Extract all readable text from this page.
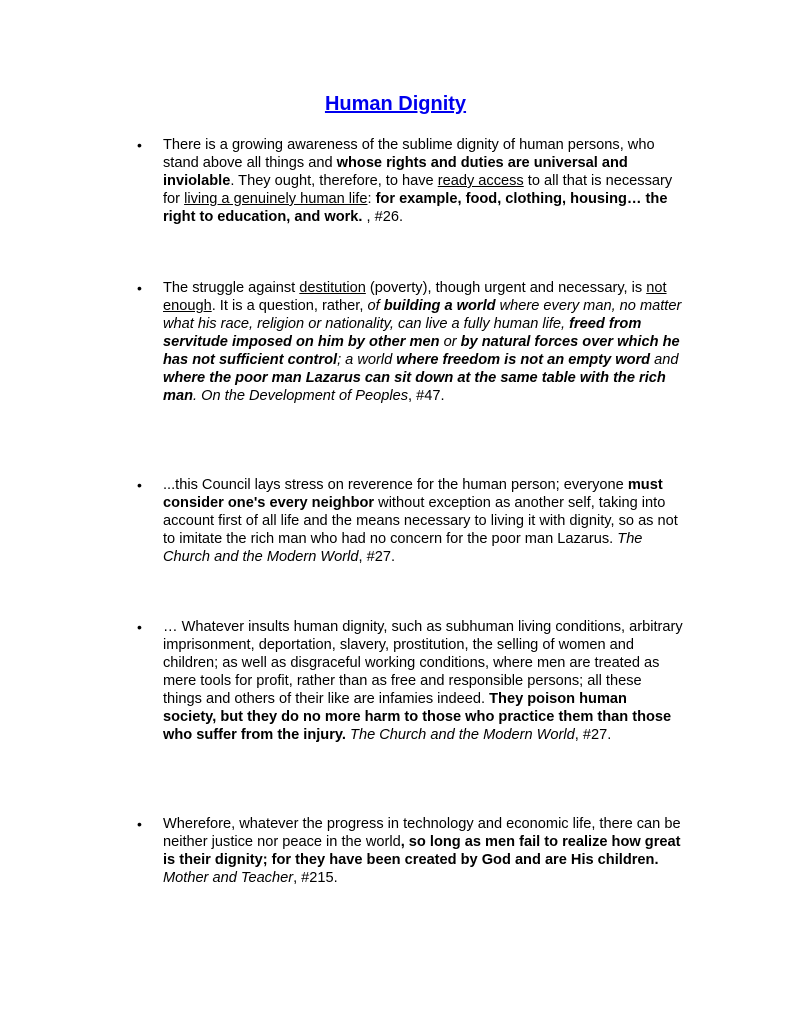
Human Dignity
• There is a growing awareness of the sublime dignity of human persons, who stand above all things and whose rights and duties are universal and inviolable. They ought, therefore, to have ready access to all that is necessary for living a genuinely human life: for example, food, clothing, housing… the right to education, and work. , #26.
• The struggle against destitution (poverty), though urgent and necessary, is not enough. It is a question, rather, of building a world where every man, no matter what his race, religion or nationality, can live a fully human life, freed from servitude imposed on him by other men or by natural forces over which he has not sufficient control; a world where freedom is not an empty word and where the poor man Lazarus can sit down at the same table with the rich man. On the Development of Peoples, #47.
• ...this Council lays stress on reverence for the human person; everyone must consider one's every neighbor without exception as another self, taking into account first of all life and the means necessary to living it with dignity, so as not to imitate the rich man who had no concern for the poor man Lazarus. The Church and the Modern World, #27.
• … Whatever insults human dignity, such as subhuman living conditions, arbitrary imprisonment, deportation, slavery, prostitution, the selling of women and children; as well as disgraceful working conditions, where men are treated as mere tools for profit, rather than as free and responsible persons; all these things and others of their like are infamies indeed. They poison human society, but they do no more harm to those who practice them than those who suffer from the injury. The Church and the Modern World, #27.
• Wherefore, whatever the progress in technology and economic life, there can be neither justice nor peace in the world, so long as men fail to realize how great is their dignity; for they have been created by God and are His children. Mother and Teacher, #215.
